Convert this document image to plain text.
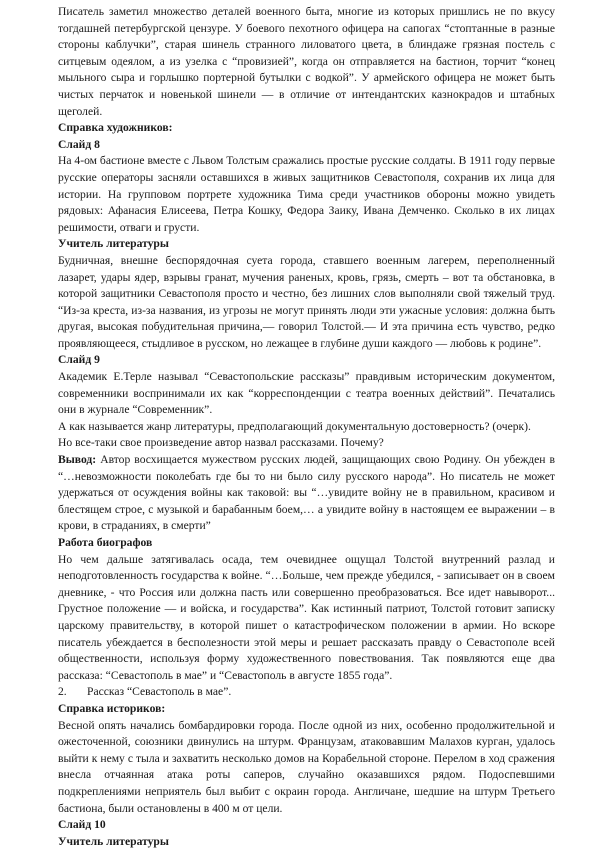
Писатель заметил множество деталей военного быта, многие из которых пришлись не по вкусу тогдашней петербургской цензуре. У боевого пехотного офицера на сапогах “стоптанные в разные стороны каблучки”, старая шинель странного лиловатого цвета, в блиндаже грязная постель с ситцевым одеялом, а из узелка с “провизией”, когда он отправляется на бастион, торчит “конец мыльного сыра и горлышко портерной бутылки с водкой”. У армейского офицера не может быть чистых перчаток и новенькой шинели — в отличие от интендантских казнокрадов и штабных щеголей.
Справка художников:
Слайд 8
На 4-ом бастионе вместе с Львом Толстым сражались простые русские солдаты. В 1911 году первые русские операторы засняли оставшихся в живых защитников Севастополя, сохранив их лица для истории. На групповом портрете художника Тима среди участников обороны можно увидеть рядовых: Афанасия Елисеева, Петра Кошку, Федора Заику, Ивана Демченко. Сколько в их лицах решимости, отваги и грусти.
Учитель литературы
Будничная, внешне беспорядочная суета города, ставшего военным лагерем, переполненный лазарет, удары ядер, взрывы гранат, мучения раненых, кровь, грязь, смерть – вот та обстановка, в которой защитники Севастополя просто и честно, без лишних слов выполняли свой тяжелый труд. “Из-за креста, из-за названия, из угрозы не могут принять люди эти ужасные условия: должна быть другая, высокая побудительная причина,— говорил Толстой.— И эта причина есть чувство, редко проявляющееся, стыдливое в русском, но лежащее в глубине души каждого — любовь к родине”.
Слайд 9
Академик Е.Терле называл “Севастопольские рассказы” правдивым историческим документом, современники воспринимали их как “корреспонденции с театра военных действий”. Печатались они в журнале “Современник”.
А как называется жанр литературы, предполагающий документальную достоверность? (очерк).
Но все-таки свое произведение автор назвал рассказами. Почему?
Вывод: Автор восхищается мужеством русских людей, защищающих свою Родину. Он убежден в “…невозможности поколебать где бы то ни было силу русского народа”. Но писатель не может удержаться от осуждения войны как таковой: вы “…увидите войну не в правильном, красивом и блестящем строе, с музыкой и барабанным боем,… а увидите войну в настоящем ее выражении – в крови, в страданиях, в смерти”
Работа биографов
Но чем дальше затягивалась осада, тем очевиднее ощущал Толстой внутренний разлад и неподготовленность государства к войне. “…Больше, чем прежде убедился, - записывает он в своем дневнике, - что Россия или должна пасть или совершенно преобразоваться. Все идет навыворот... Грустное положение — и войска, и государства”. Как истинный патриот, Толстой готовит записку царскому правительству, в которой пишет о катастрофическом положении в армии. Но вскоре писатель убеждается в бесполезности этой меры и решает рассказать правду о Севастополе всей общественности, используя форму художественного повествования. Так появляются еще два рассказа: “Севастополь в мае” и “Севастополь в августе 1855 года”.
2.	Рассказ “Севастополь в мае”.
Справка историков:
Весной опять начались бомбардировки города. После одной из них, особенно продолжительной и ожесточенной, союзники двинулись на штурм. Французам, атаковавшим Малахов курган, удалось выйти к нему с тыла и захватить несколько домов на Корабельной стороне. Перелом в ход сражения внесла отчаянная атака роты саперов, случайно оказавшихся рядом. Подоспевшими подкреплениями неприятель был выбит с окраин города. Англичане, шедшие на штурм Третьего бастиона, были остановлены в 400 м от цели.
Слайд 10
Учитель литературы
